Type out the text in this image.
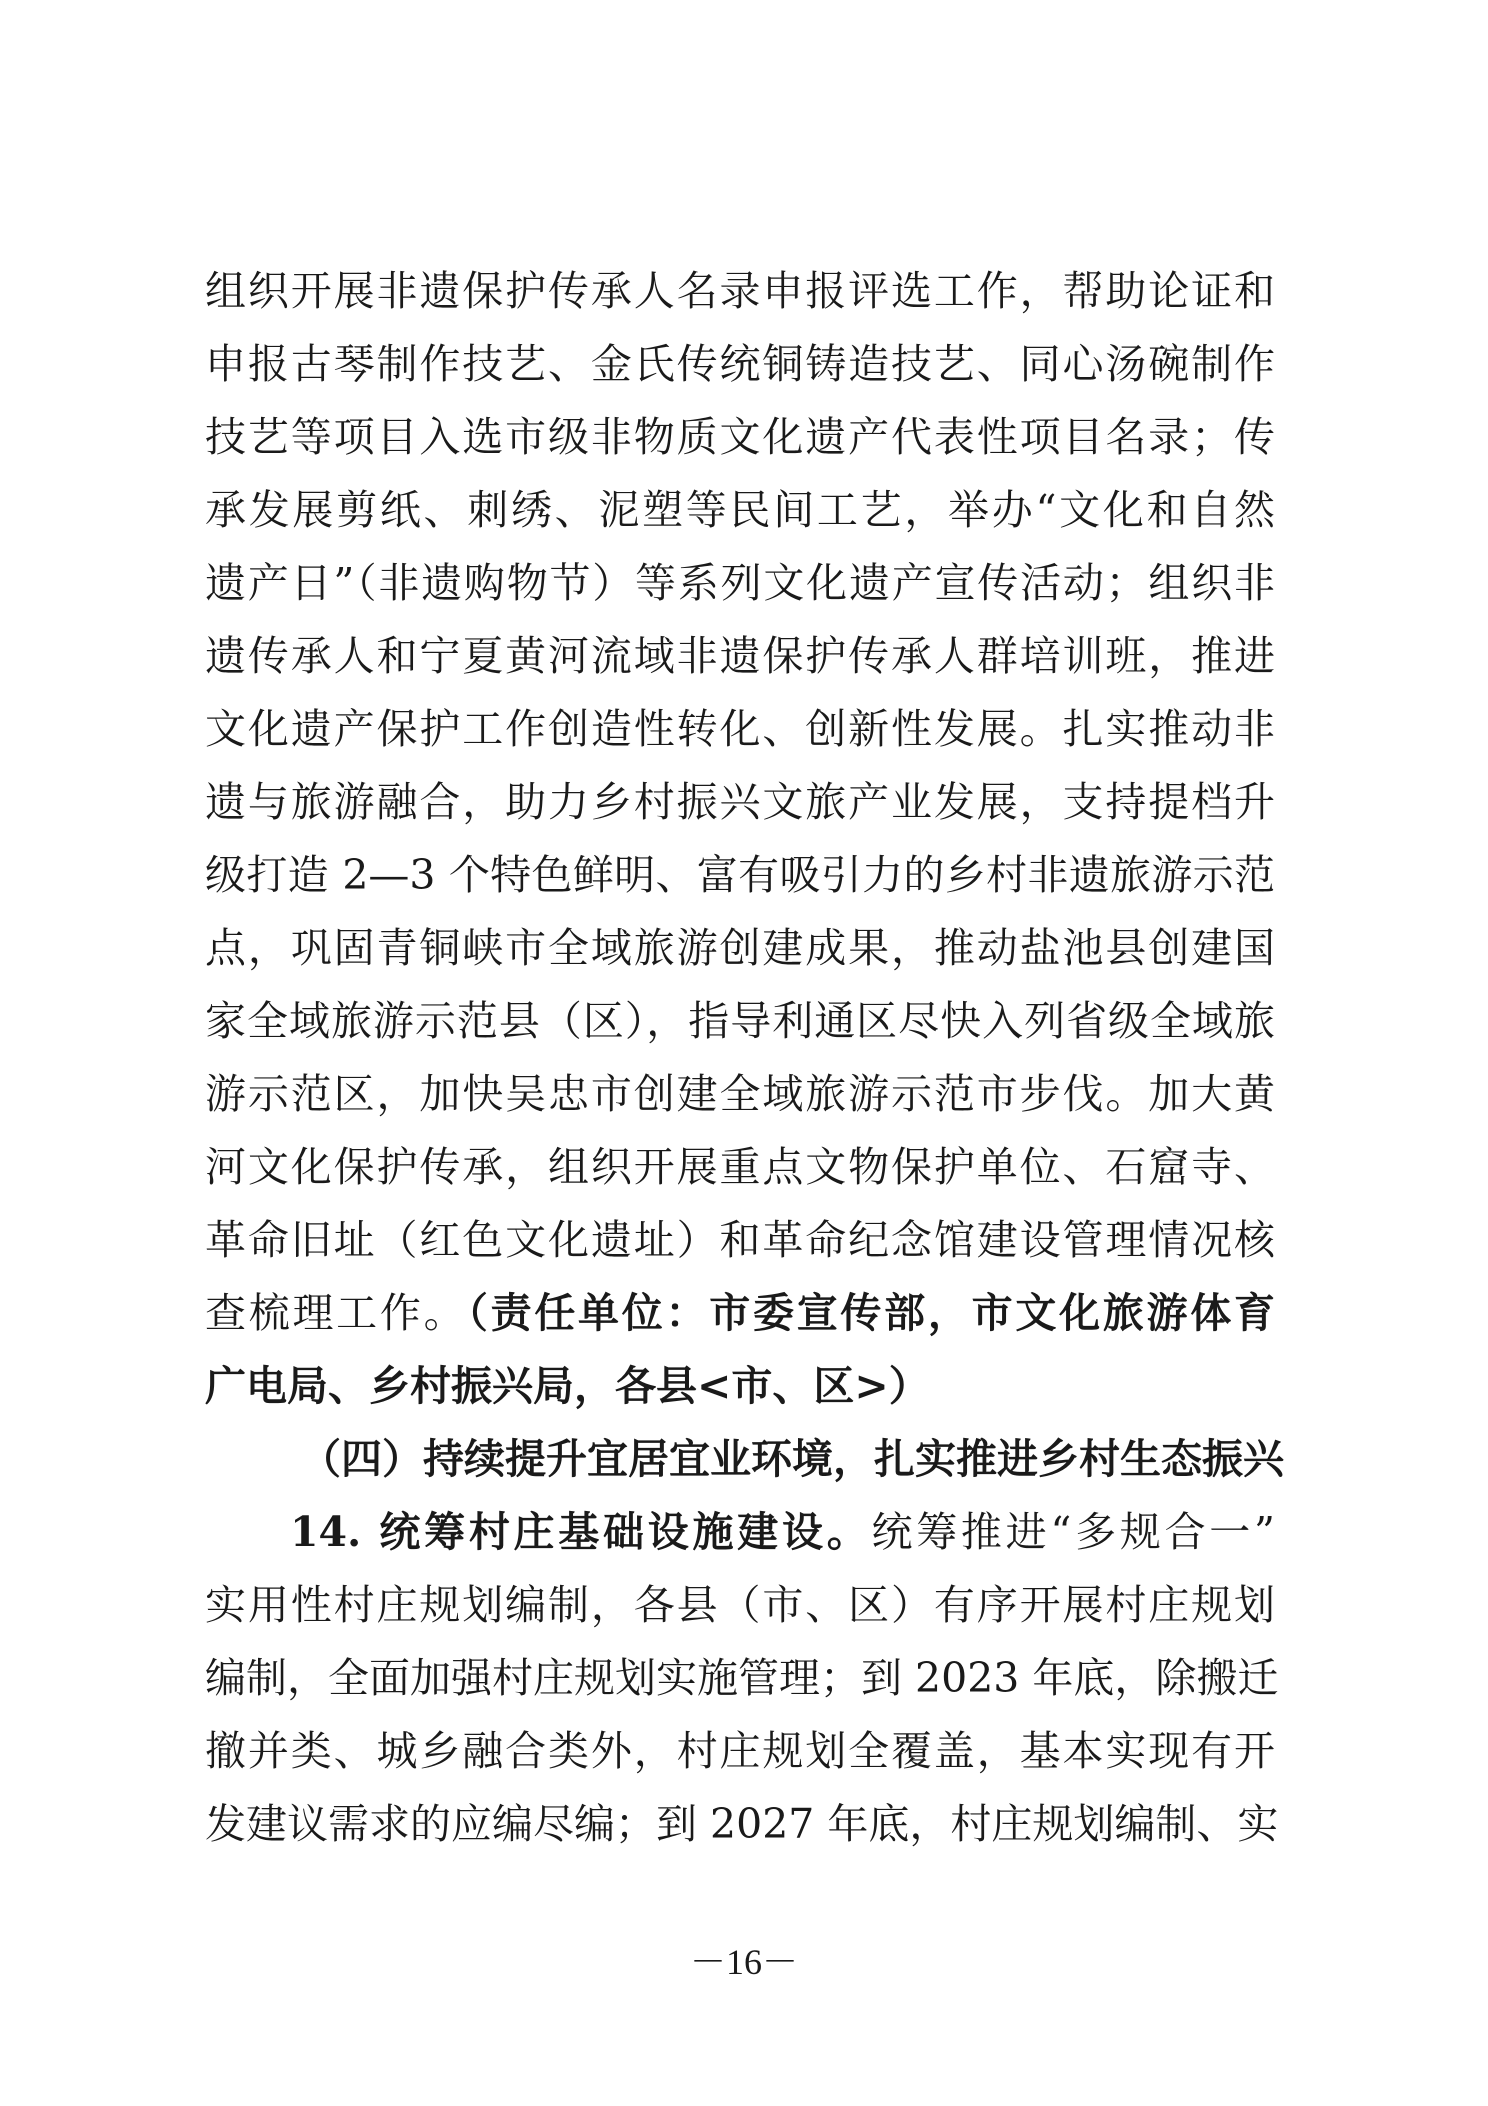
组织开展非遗保护传承人名录申报评选工作，帮助论证和
申报古琴制作技艺、金氏传统铜铸造技艺、同心汤碗制作
技艺等项目入选市级非物质文化遗产代表性项目名录；传
承发展剪纸、刺绣、泥塑等民间工艺，举办“文化和自然
遗产日”（非遗购物节）等系列文化遗产宣传活动；组织非
遗传承人和宁夏黄河流域非遗保护传承人群培训班，推进
文化遗产保护工作创造性转化、创新性发展。扎实推动非
遗与旅游融合，助力乡村振兴文旅产业发展，支持提档升
级打造 2—3 个特色鲜明、富有吸引力的乡村非遗旅游示范
点，巩固青铜峡市全域旅游创建成果，推动盐池县创建国
家全域旅游示范县（区），指导利通区尽快入列省级全域旅
游示范区，加快吴忠市创建全域旅游示范市步伐。加大黄
河文化保护传承，组织开展重点文物保护单位、石窟寺、
革命旧址（红色文化遗址）和革命纪念馆建设管理情况核
查梳理工作。（责任单位：市委宣传部，市文化旅游体育
广电局、乡村振兴局，各县<市、区>）
（四）持续提升宜居宜业环境，扎实推进乡村生态振兴
14. 统筹村庄基础设施建设。统筹推进“多规合一”
实用性村庄规划编制，各县（市、区）有序开展村庄规划
编制，全面加强村庄规划实施管理；到 2023 年底，除搬迁
撤并类、城乡融合类外，村庄规划全覆盖，基本实现有开
发建议需求的应编尽编；到 2027 年底，村庄规划编制、实
－16－
